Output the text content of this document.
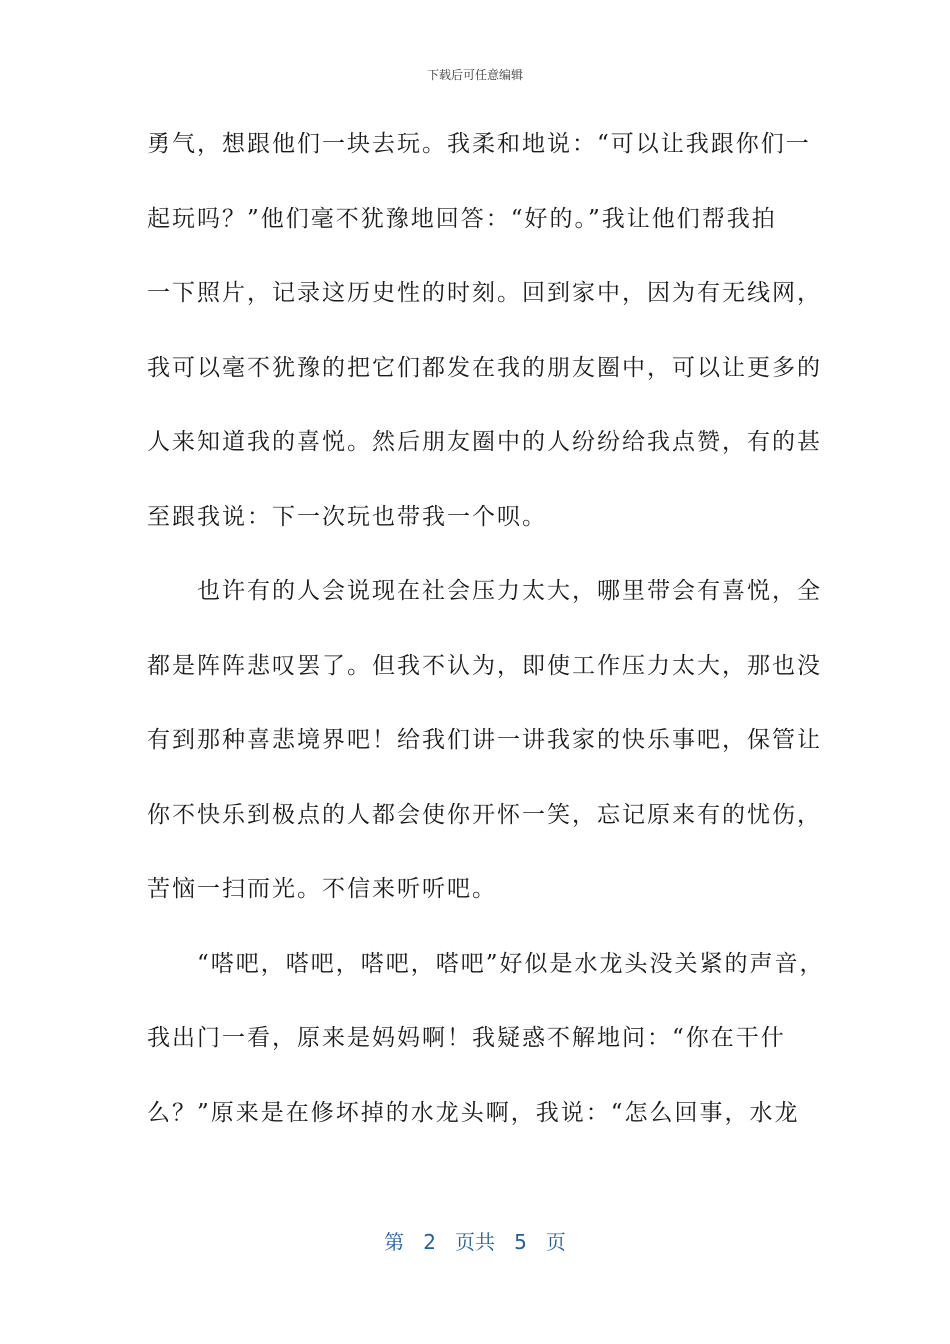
下载后可任意编辑
勇气，想跟他们一块去玩。我柔和地说：“可以让我跟你们一
起玩吗？”他们毫不犹豫地回答：“好的。”我让他们帮我拍
一下照片，记录这历史性的时刻。回到家中，因为有无线网，
我可以毫不犹豫的把它们都发在我的朋友圈中，可以让更多的
人来知道我的喜悦。然后朋友圈中的人纷纷给我点赞，有的甚
至跟我说：下一次玩也带我一个呗。
　　也许有的人会说现在社会压力太大，哪里带会有喜悦，全
都是阵阵悲叹罢了。但我不认为，即使工作压力太大，那也没
有到那种喜悲境界吧！给我们讲一讲我家的快乐事吧，保管让
你不快乐到极点的人都会使你开怀一笑，忘记原来有的忧伤，
苦恼一扫而光。不信来听听吧。
　　“嗒吧，嗒吧，嗒吧，嗒吧”好似是水龙头没关紧的声音，
我出门一看，原来是妈妈啊！我疑惑不解地问：“你在干什
么？”原来是在修坏掉的水龙头啊，我说：“怎么回事，水龙
第 2 页共 5 页
